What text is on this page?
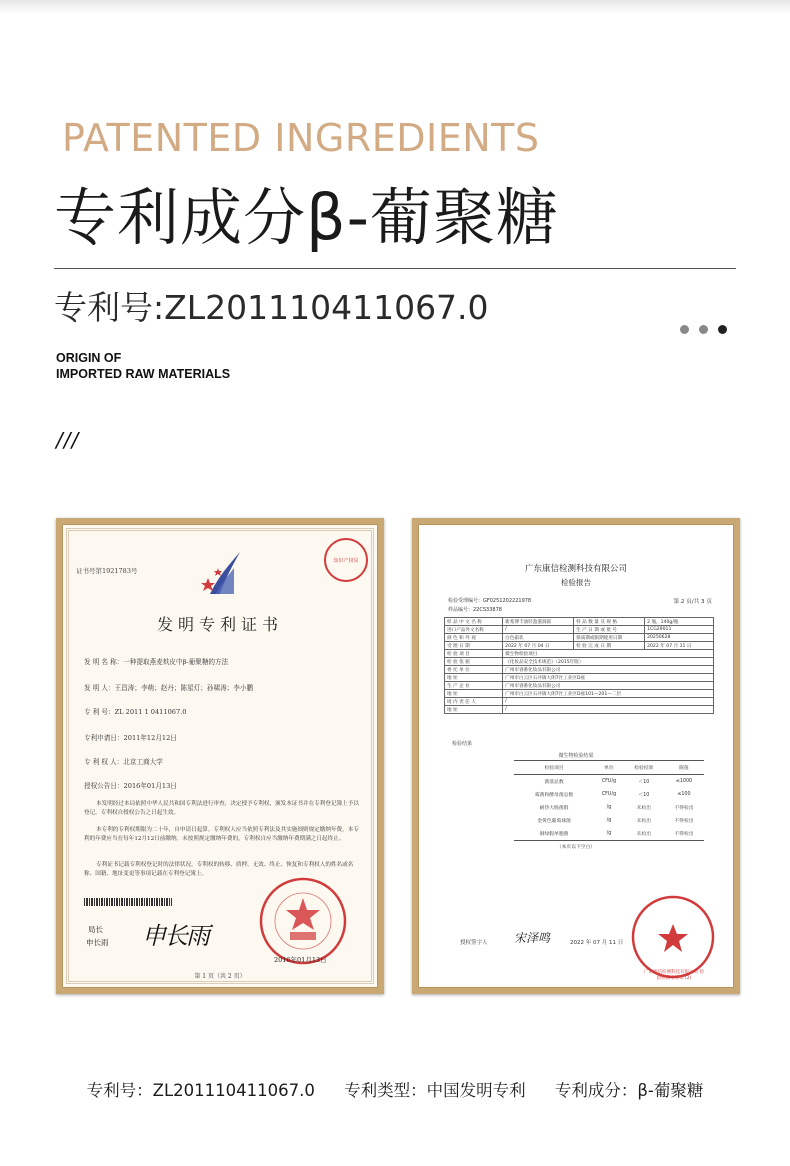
PATENTED INGREDIENTS
专利成分β-葡聚糖
专利号:ZL201110411067.0
ORIGIN OF
IMPORTED RAW MATERIALS
///
证书号第1921783号
知识产权局
发明专利证书
发 明 名 称：一种提取燕麦麸皮中β-葡聚糖的方法
发 明 人：王昌涛；李萌；赵丹；陈星灯；孙啸涛；李小鹏
专 利 号：ZL 2011 1 0411067.0
专利申请日：2011年12月12日
专 利 权 人：北京工商大学
授权公告日：2016年01月13日
本发明经过本局依照中华人民共和国专利法进行审查，决定授予专利权，颁发本证书并在专利登记簿上予以登记。专利权自授权公告之日起生效。
本专利的专利权期限为二十年，自申请日起算。专利权人应当依照专利法及其实施细则规定缴纳年费。本专利的年费应当在每年12月12日前缴纳。未按照规定缴纳年费的，专利权自应当缴纳年费期满之日起终止。
专利证书记载专利权登记时的法律状况。专利权的转移、质押、无效、终止、恢复和专利权人的姓名或名称、国籍、地址变更等事项记载在专利登记簿上。
局长
申长雨 申长雨
2016年01月13日
第 1 页（共 2 页）
广东康信检测科技有限公司
检验报告
第 2 页/共 3 页
检验受理编号：GF0251202221978
样品编号：22CS33878
样 品 中 文 名 称	新希博丰油轻盈滋润霜	样 品 数 量 及 规 格	2 瓶，140g/瓶
进口产品外文名称	/	生 产 日 期 或 批 号	1CG29011
颜 色 和 外 观	白色霜状	保质期或限期使用日期	20250628
受 理 日 期	2022 年 07 月 04 日	检 验 完 成 日 期	2022 年 07 月 11 日
检 验 项 目	微生物检验项目		
检 验 依 据	《化妆品安全技术规范》（2015年版）		
委 托 单 位	广州市睿番化妆品有限公司		
地 址	广州市白云区石井镇大朗7社工业区D座		
生 产 企 业	广州市睿番化妆品有限公司		
地 址	广州市白云区石井镇大朗7社工业区D座101—201—二层		
境 内 责 任 人	/		
地 址	/		
检验结果
微生物检验结果
检验项目	单位	检验结果	限值
菌落总数	CFU/g	＜10	≤1000
霉菌和酵母菌总数	CFU/g	＜10	≤100
耐热大肠菌群	/g	未检出	不得检出
金黄色葡萄球菌	/g	未检出	不得检出
铜绿假单胞菌	/g	未检出	不得检出
（本页以下空白）
授权签字人 宋泽鸣	2022 年 07 月 11 日
广东康信检测科技有限公司 检验检测专用章 (2)
专利号：ZL201110411067.0 专利类型：中国发明专利 专利成分：β-葡聚糖
